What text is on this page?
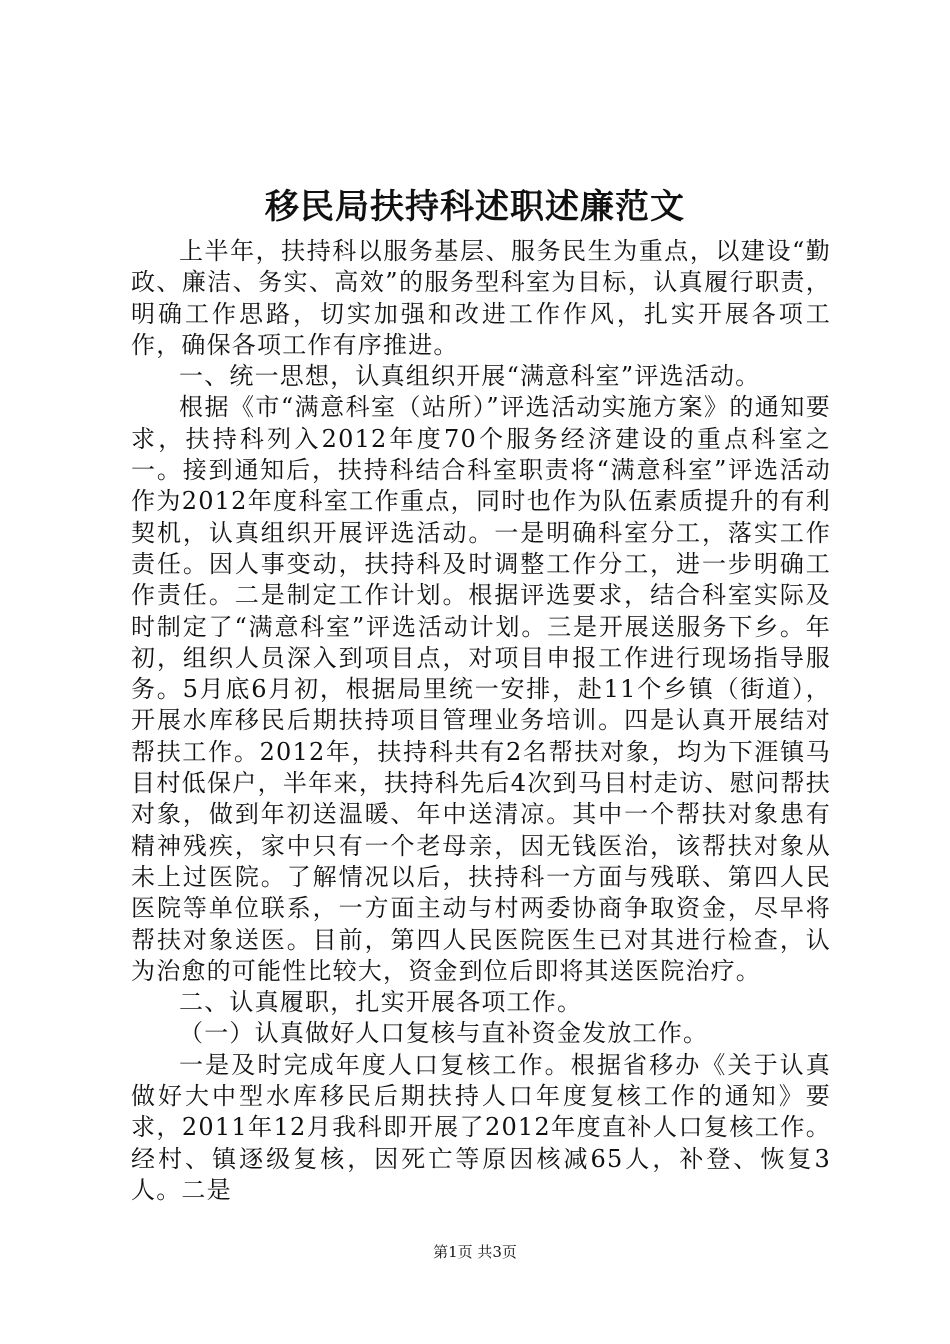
移民局扶持科述职述廉范文

上半年，扶持科以服务基层、服务民生为重点，以建设“勤政、廉洁、务实、高效”的服务型科室为目标，认真履行职责，明确工作思路，切实加强和改进工作作风，扎实开展各项工作，确保各项工作有序推进。

一、统一思想，认真组织开展“满意科室”评选活动。

根据《市“满意科室（站所）”评选活动实施方案》的通知要求，扶持科列入2012年度70个服务经济建设的重点科室之一。接到通知后，扶持科结合科室职责将“满意科室”评选活动作为2012年度科室工作重点，同时也作为队伍素质提升的有利契机，认真组织开展评选活动。一是明确科室分工，落实工作责任。因人事变动，扶持科及时调整工作分工，进一步明确工作责任。二是制定工作计划。根据评选要求，结合科室实际及时制定了“满意科室”评选活动计划。三是开展送服务下乡。年初，组织人员深入到项目点，对项目申报工作进行现场指导服务。5月底6月初，根据局里统一安排，赴11个乡镇（街道），开展水库移民后期扶持项目管理业务培训。四是认真开展结对帮扶工作。2012年，扶持科共有2名帮扶对象，均为下涯镇马目村低保户，半年来，扶持科先后4次到马目村走访、慰问帮扶对象，做到年初送温暖、年中送清凉。其中一个帮扶对象患有精神残疾，家中只有一个老母亲，因无钱医治，该帮扶对象从未上过医院。了解情况以后，扶持科一方面与残联、第四人民医院等单位联系，一方面主动与村两委协商争取资金，尽早将帮扶对象送医。目前，第四人民医院医生已对其进行检查，认为治愈的可能性比较大，资金到位后即将其送医院治疗。

二、认真履职，扎实开展各项工作。

（一）认真做好人口复核与直补资金发放工作。

一是及时完成年度人口复核工作。根据省移办《关于认真做好大中型水库移民后期扶持人口年度复核工作的通知》要求，2011年12月我科即开展了2012年度直补人口复核工作。经村、镇逐级复核，因死亡等原因核减65人，补登、恢复3人。二是

第1页 共3页
